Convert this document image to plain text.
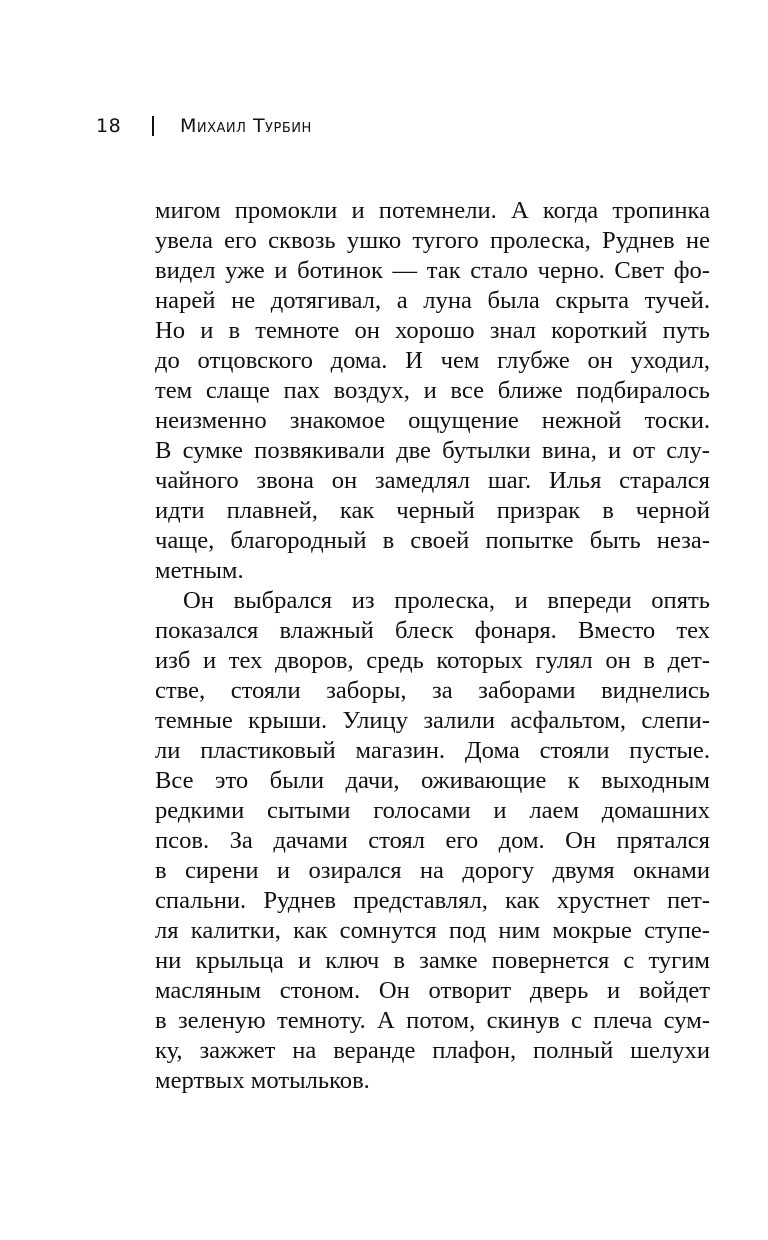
18	Михаил Турбин
мигом промокли и потемнели. А когда тропинка
увела его сквозь ушко тугого пролеска, Руднев не
видел уже и ботинок — так стало черно. Свет фо-
нарей не дотягивал, а луна была скрыта тучей.
Но и в темноте он хорошо знал короткий путь
до отцовского дома. И чем глубже он уходил,
тем слаще пах воздух, и все ближе подбиралось
неизменно знакомое ощущение нежной тоски.
В сумке позвякивали две бутылки вина, и от слу-
чайного звона он замедлял шаг. Илья старался
идти плавней, как черный призрак в черной
чаще, благородный в своей попытке быть неза-
метным.
Он выбрался из пролеска, и впереди опять
показался влажный блеск фонаря. Вместо тех
изб и тех дворов, средь которых гулял он в дет-
стве, стояли заборы, за заборами виднелись
темные крыши. Улицу залили асфальтом, слепи-
ли пластиковый магазин. Дома стояли пустые.
Все это были дачи, оживающие к выходным
редкими сытыми голосами и лаем домашних
псов. За дачами стоял его дом. Он прятался
в сирени и озирался на дорогу двумя окнами
спальни. Руднев представлял, как хрустнет пет-
ля калитки, как сомнутся под ним мокрые ступе-
ни крыльца и ключ в замке повернется с тугим
масляным стоном. Он отворит дверь и войдет
в зеленую темноту. А потом, скинув с плеча сум-
ку, зажжет на веранде плафон, полный шелухи
мертвых мотыльков.
